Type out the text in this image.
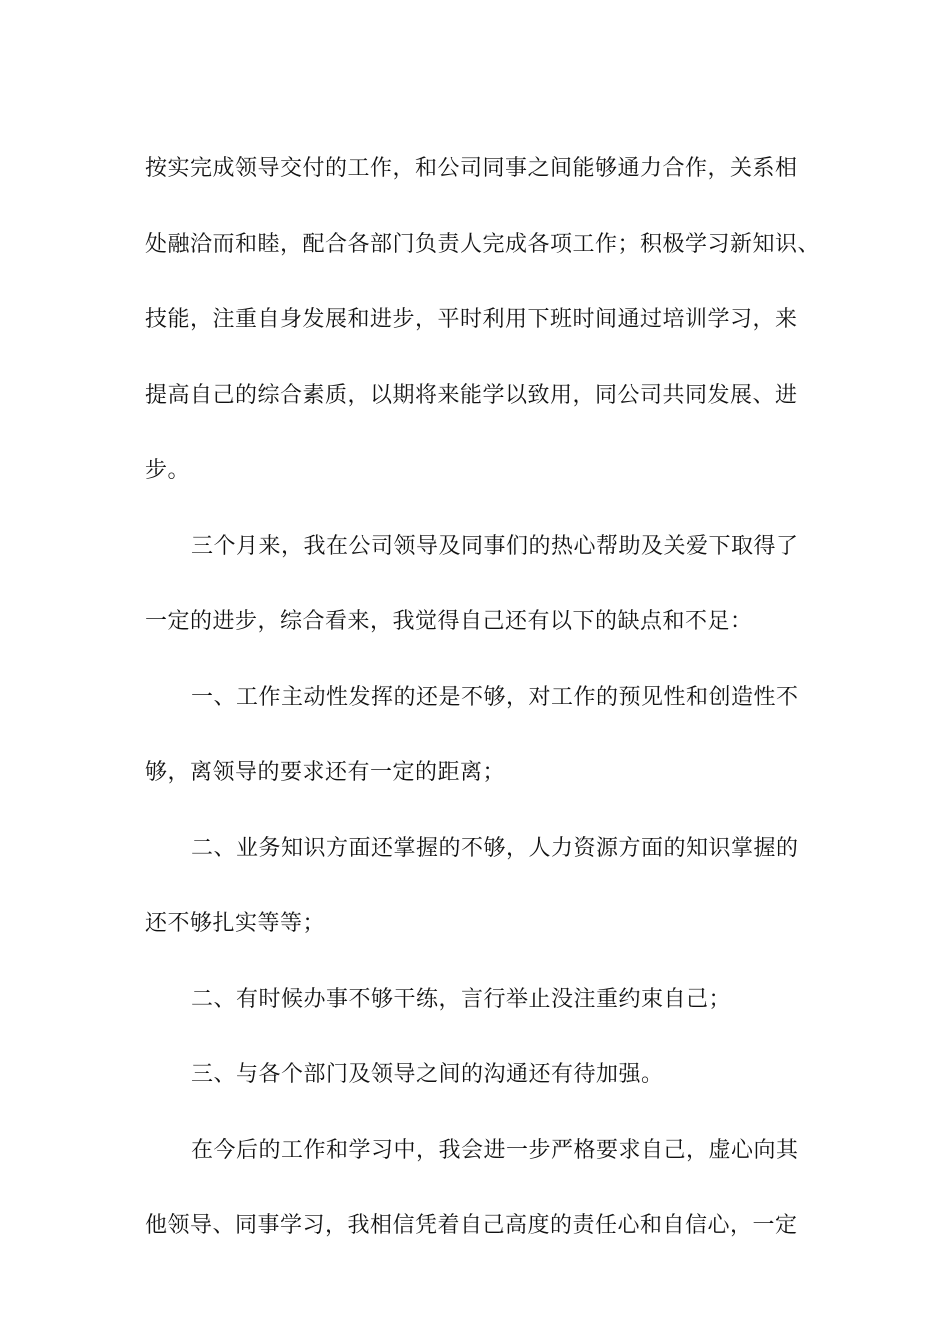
按实完成领导交付的工作，和公司同事之间能够通力合作，关系相
处融洽而和睦，配合各部门负责人完成各项工作；积极学习新知识、
技能，注重自身发展和进步，平时利用下班时间通过培训学习，来
提高自己的综合素质，以期将来能学以致用，同公司共同发展、进
步。
三个月来，我在公司领导及同事们的热心帮助及关爱下取得了
一定的进步，综合看来，我觉得自己还有以下的缺点和不足：
一、工作主动性发挥的还是不够，对工作的预见性和创造性不
够，离领导的要求还有一定的距离；
二、业务知识方面还掌握的不够，人力资源方面的知识掌握的
还不够扎实等等；
二、有时候办事不够干练，言行举止没注重约束自己；
三、与各个部门及领导之间的沟通还有待加强。
在今后的工作和学习中，我会进一步严格要求自己，虚心向其
他领导、同事学习，我相信凭着自己高度的责任心和自信心，一定
